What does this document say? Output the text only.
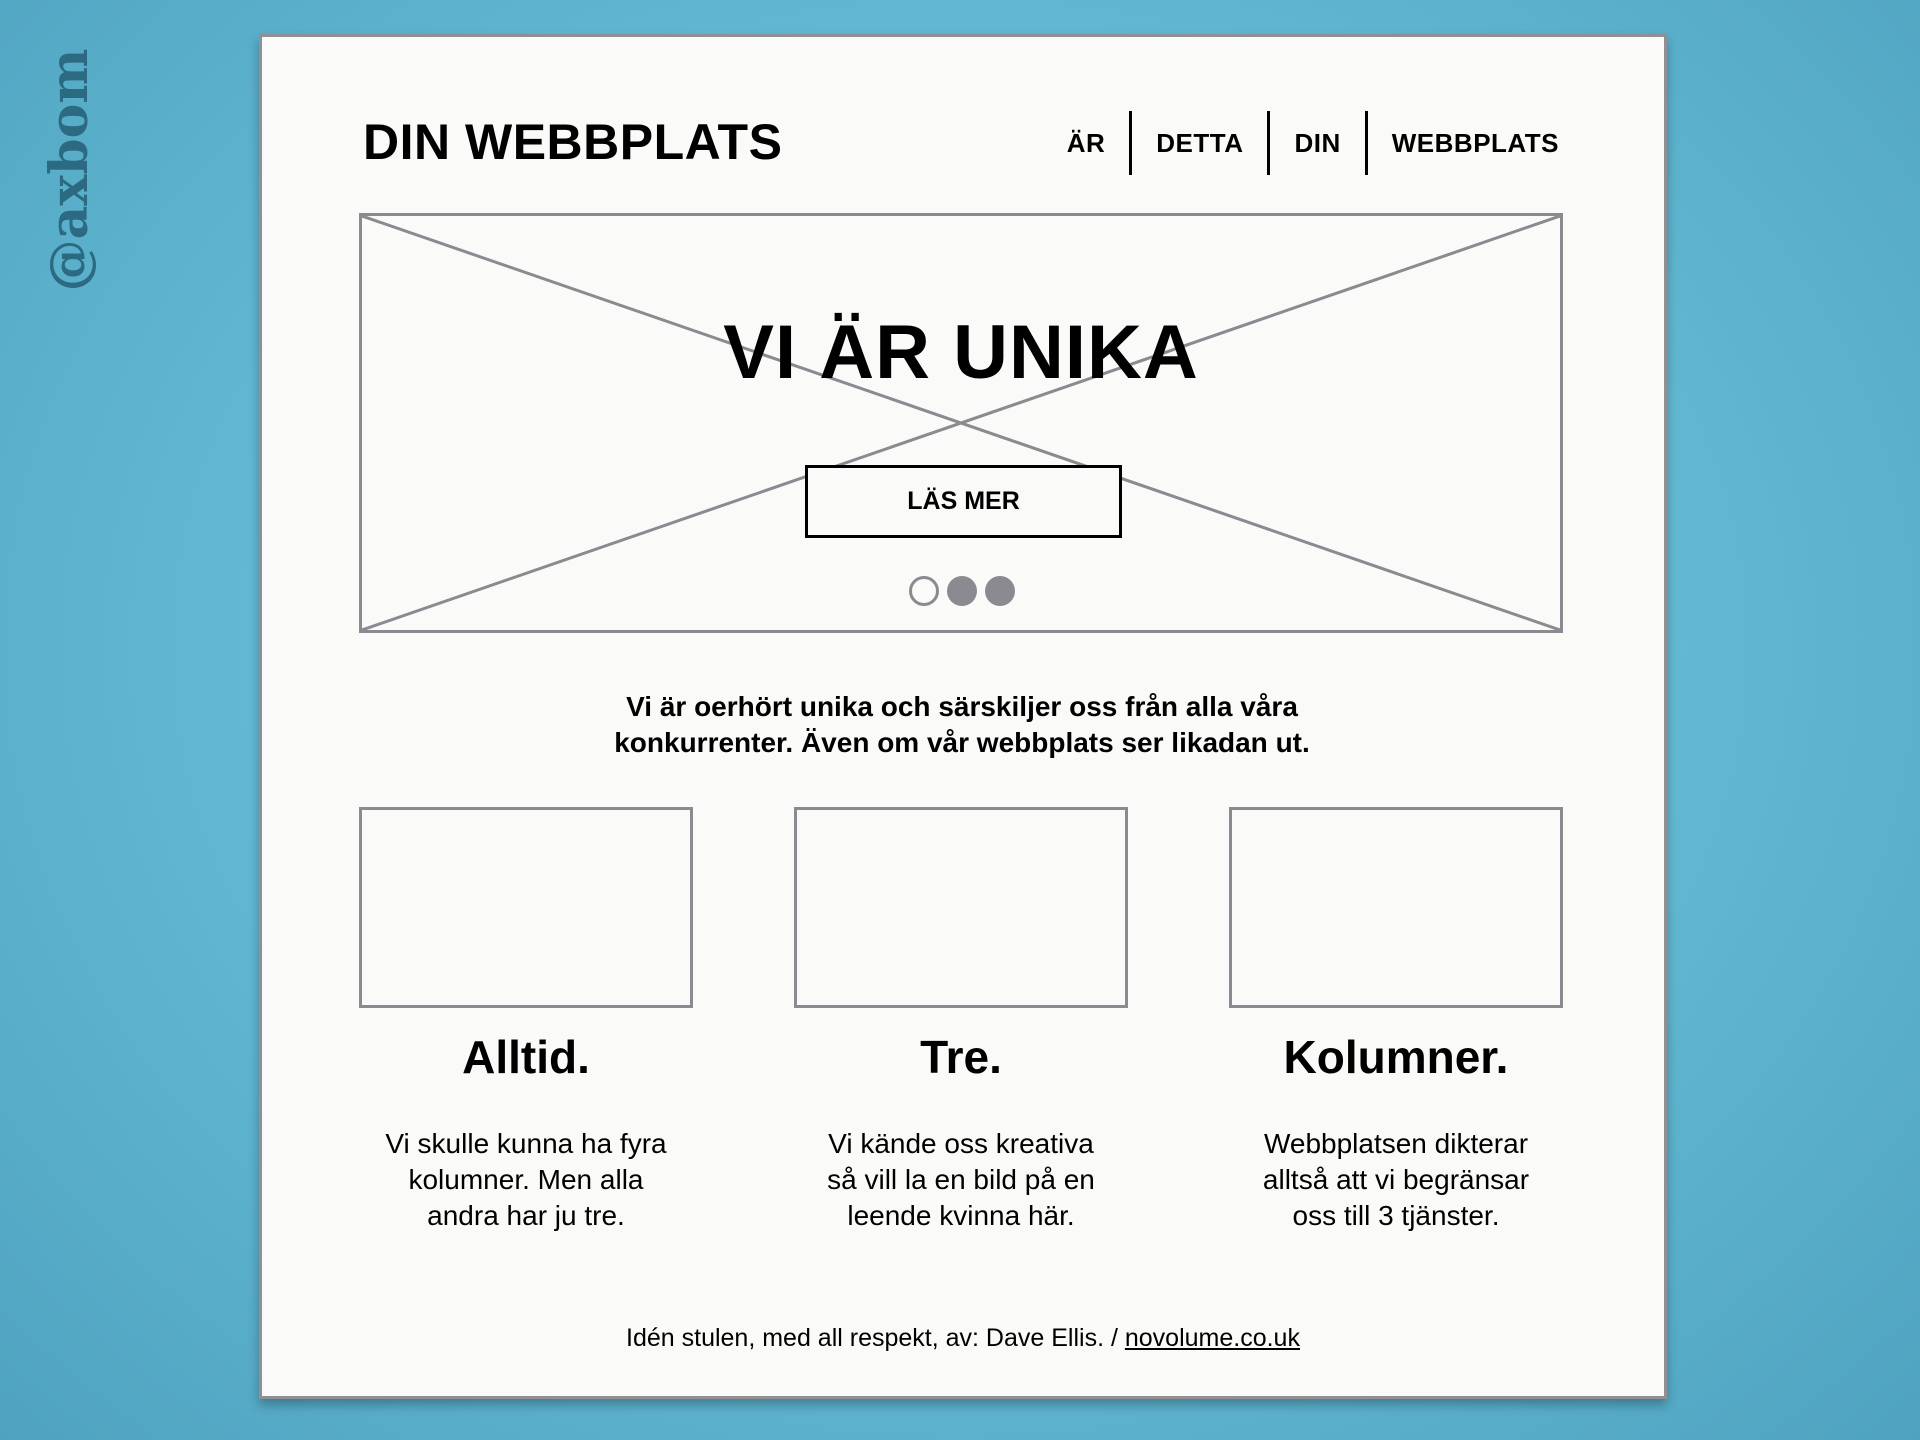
@axbom	DIN WEBBPLATS	ÄR	DETTA	DIN	WEBBPLATS
VI ÄR UNIKA
LÄS MER
Vi är oerhört unika och särskiljer oss från alla våra
konkurrenter. Även om vår webbplats ser likadan ut.
Alltid.
Vi skulle kunna ha fyra kolumner. Men alla andra har ju tre.
Tre.
Vi kände oss kreativa så vill la en bild på en leende kvinna här.
Kolumner.
Webbplatsen dikterar alltså att vi begränsar oss till 3 tjänster.
Idén stulen, med all respekt, av: Dave Ellis. / novolume.co.uk
